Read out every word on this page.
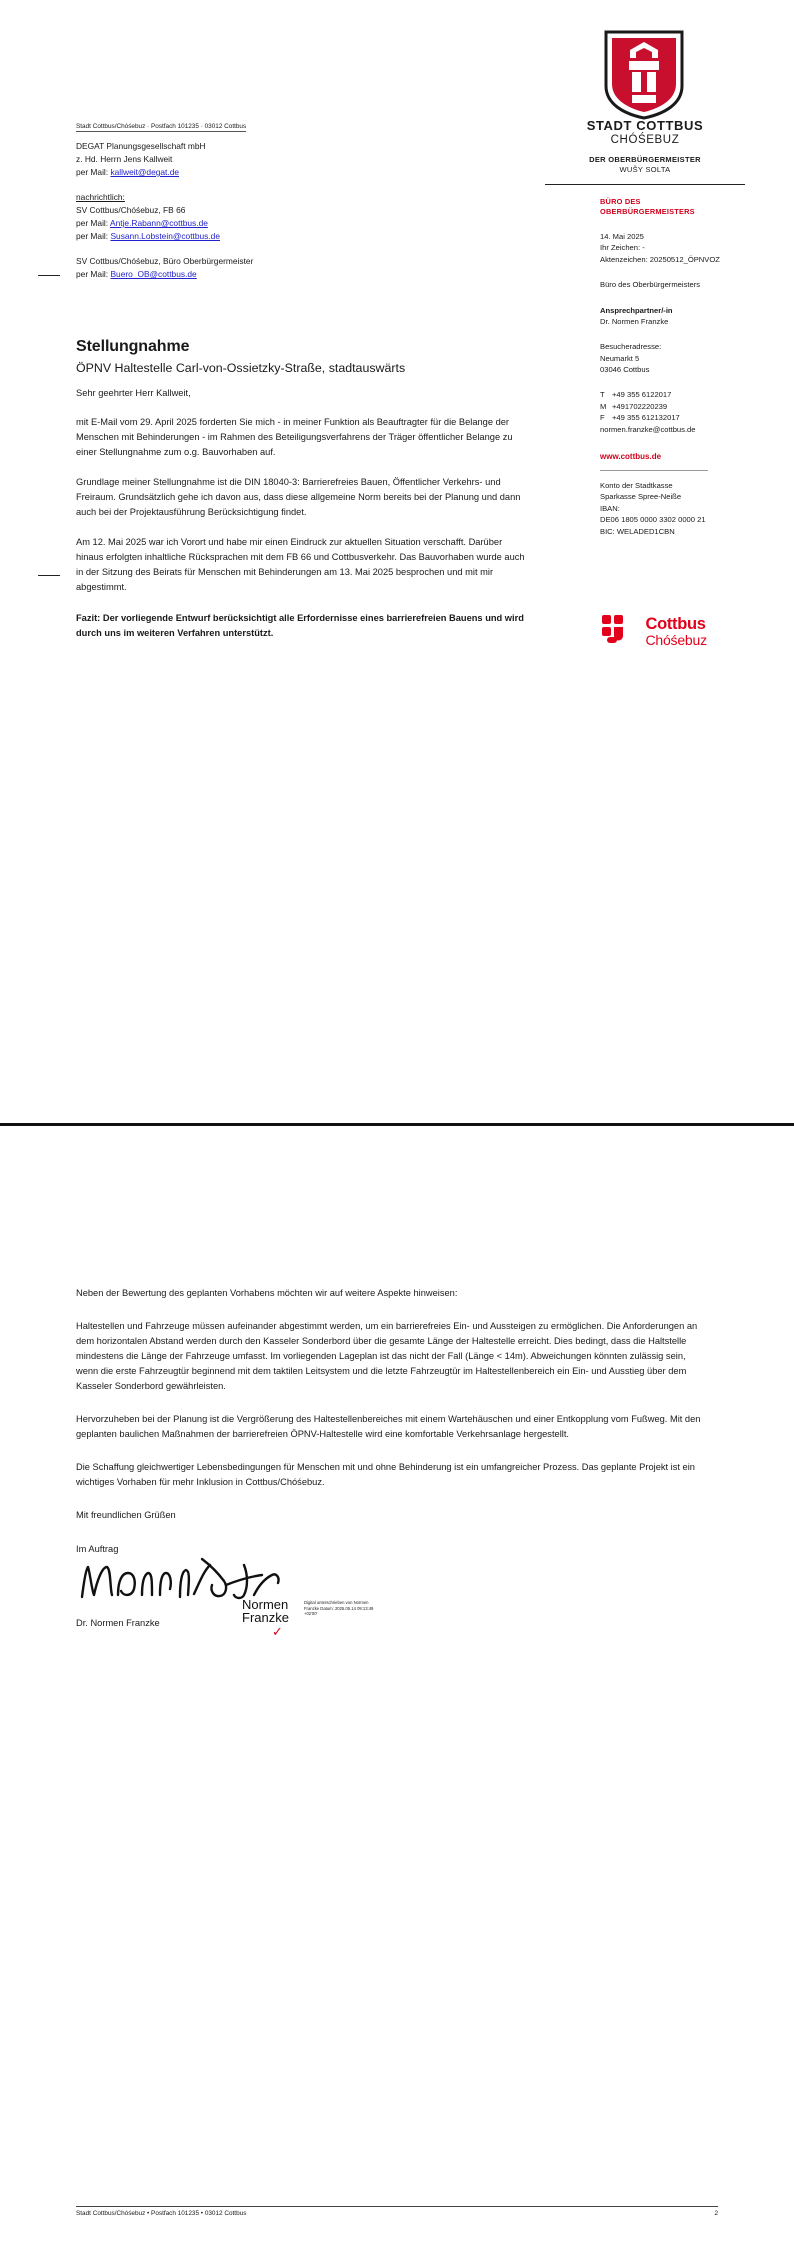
STADT COTTBUS
CHÓŚEBUZ
DER OBERBÜRGERMEISTER
WUŠY SOLTA
BÜRO DES
OBERBÜRGERMEISTERS
14. Mai 2025
Ihr Zeichen: -
Aktenzeichen: 20250512_ÖPNVOZ
Büro des Oberbürgermeisters
Ansprechpartner/-in
Dr. Normen Franzke
Besucheradresse:
Neumarkt 5
03046 Cottbus
T +49 355 6122017
M +491702220239
F +49 355 612132017
normen.franzke@cottbus.de
www.cottbus.de
Konto der Stadtkasse
Sparkasse Spree-Neiße
IBAN:
DE06 1805 0000 3302 0000 21
BIC: WELADED1CBN

Cottbus
Chóśebuz
Stadt Cottbus/Chóśebuz · Postfach 101235 · 03012 Cottbus
DEGAT Planungsgesellschaft mbH
z. Hd. Herrn Jens Kallweit
per Mail: kallweit@degat.de
nachrichtlich:
SV Cottbus/Chóśebuz, FB 66
per Mail: Antje.Rabann@cottbus.de
per Mail: Susann.Lobstein@cottbus.de
SV Cottbus/Chóśebuz, Büro Oberbürgermeister
per Mail: Buero_OB@cottbus.de
Stellungnahme
ÖPNV Haltestelle Carl-von-Ossietzky-Straße, stadtauswärts

Sehr geehrter Herr Kallweit,

mit E-Mail vom 29. April 2025 forderten Sie mich - in meiner Funktion als Beauftragter für die Belange der Menschen mit Behinderungen - im Rahmen des Beteiligungsverfahrens der Träger öffentlicher Belange zu einer Stellungnahme zum o.g. Bauvorhaben auf.

Grundlage meiner Stellungnahme ist die DIN 18040-3: Barrierefreies Bauen, Öffentlicher Verkehrs- und Freiraum. Grundsätzlich gehe ich davon aus, dass diese allgemeine Norm bereits bei der Planung und dann auch bei der Projektausführung Berücksichtigung findet.

Am 12. Mai 2025 war ich Vorort und habe mir einen Eindruck zur aktuellen Situation verschafft. Darüber hinaus erfolgten inhaltliche Rücksprachen mit dem FB 66 und Cottbusverkehr. Das Bauvorhaben wurde auch in der Sitzung des Beirats für Menschen mit Behinderungen am 13. Mai 2025 besprochen und mit mir abgestimmt.

Fazit: Der vorliegende Entwurf berücksichtigt alle Erfordernisse eines barrierefreien Bauens und wird durch uns im weiteren Verfahren unterstützt.

Neben der Bewertung des geplanten Vorhabens möchten wir auf weitere Aspekte hinweisen:

Haltestellen und Fahrzeuge müssen aufeinander abgestimmt werden, um ein barrierefreies Ein- und Aussteigen zu ermöglichen. Die Anforderungen an dem horizontalen Abstand werden durch den Kasseler Sonderbord über die gesamte Länge der Haltestelle erreicht. Dies bedingt, dass die Haltstelle mindestens die Länge der Fahrzeuge umfasst. Im vorliegenden Lageplan ist das nicht der Fall (Länge < 14m). Abweichungen könnten zulässig sein, wenn die erste Fahrzeugtür beginnend mit dem taktilen Leitsystem und die letzte Fahrzeugtür im Haltestellenbereich ein Ein- und Ausstieg über dem Kasseler Sonderbord gewährleisten.

Hervorzuheben bei der Planung ist die Vergrößerung des Haltestellenbereiches mit einem Wartehäuschen und einer Entkopplung vom Fußweg. Mit den geplanten baulichen Maßnahmen der barrierefreien ÖPNV-Haltestelle wird eine komfortable Verkehrsanlage hergestellt.

Die Schaffung gleichwertiger Lebensbedingungen für Menschen mit und ohne Behinderung ist ein umfangreicher Prozess. Das geplante Projekt ist ein wichtiges Vorhaben für mehr Inklusion in Cottbus/Chóśebuz.

Mit freundlichen Grüßen

Im Auftrag

Dr. Normen Franzke
Normen
Franzke
Digital unterschrieben von Normen Franzke Datum: 2025.05.14 09:13:49 +02'00'
✓
Stadt Cottbus/Chóśebuz • Postfach 101235 • 03012 Cottbus	2
